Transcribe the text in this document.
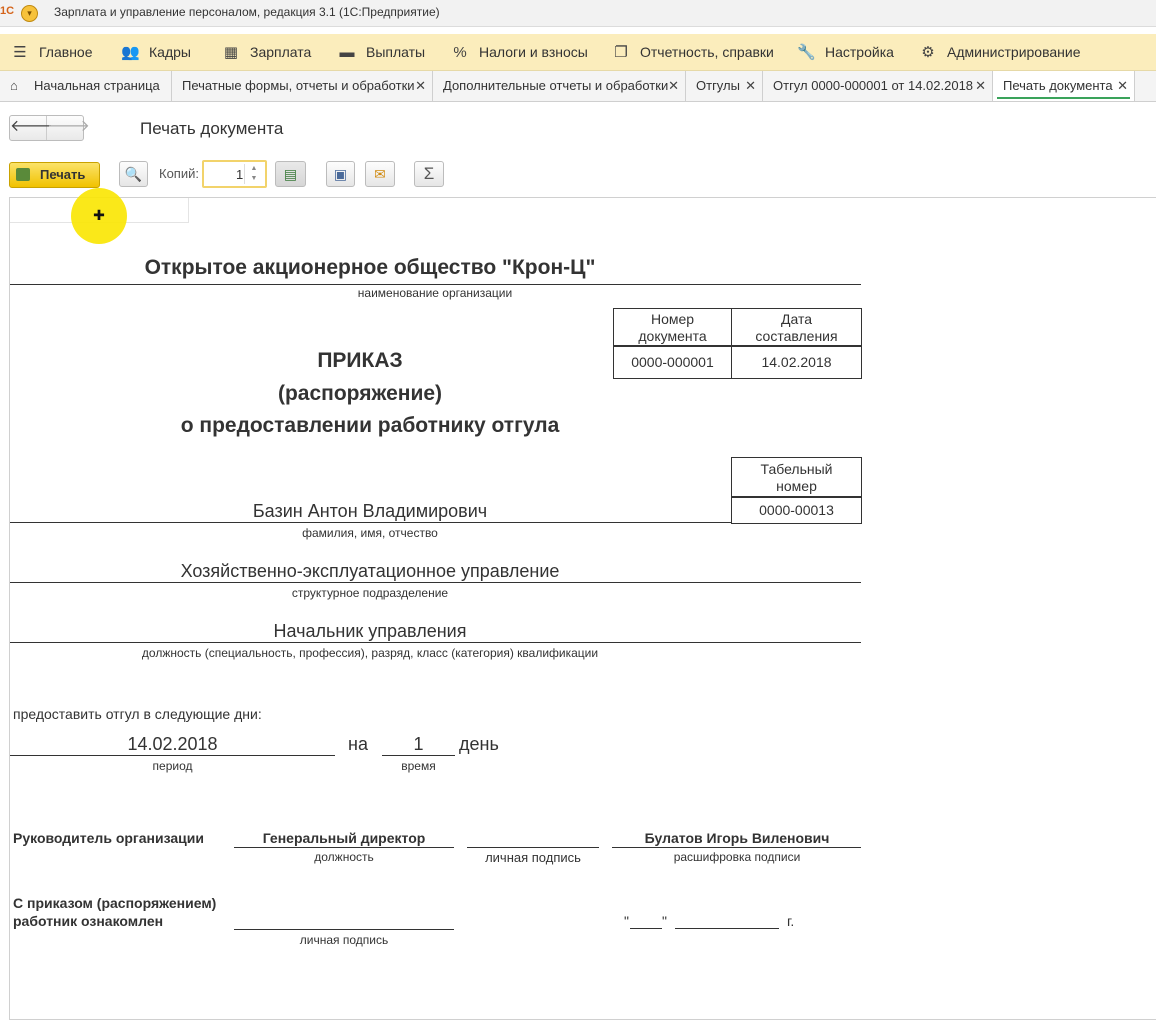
1С	▾	Зарплата и управление персоналом, редакция 3.1 (1С:Предприятие)
☰ Главное 👥 Кадры ▦ Зарплата ▬ Выплаты % Налоги и взносы ❐ Отчетность, справки 🔧 Настройка ⚙ Администрирование
⌂ Начальная страница	Печатные формы, отчеты и обработки ✕	Дополнительные отчеты и обработки ✕	Отгулы ✕	Отгул 0000-000001 от 14.02.2018 ✕	Печать документа ✕
🡐
🡒	Печать документа
Печать	🔍	Копий:	1	▲
▼	▤	▣	✉	Σ
Открытое акционерное общество "Крон-Ц"
наименование организации
Номер
документа
Дата
составления
0000-000001	14.02.2018
ПРИКАЗ
(распоряжение)
о предоставлении работнику отгула
Табельный
номер
0000-00013
Базин Антон Владимирович
фамилия, имя, отчество
Хозяйственно-эксплуатационное управление
структурное подразделение
Начальник управления
должность (специальность, профессия), разряд, класс (категория) квалификации
предоставить отгул в следующие дни:
14.02.2018
период
на	1
время
день
Руководитель организации	Генеральный директор
должность	личная подпись
Булатов Игорь Виленович
расшифровка подписи
С приказом (распоряжением)
работник ознакомлен
личная подпись
" "	г.
✚
